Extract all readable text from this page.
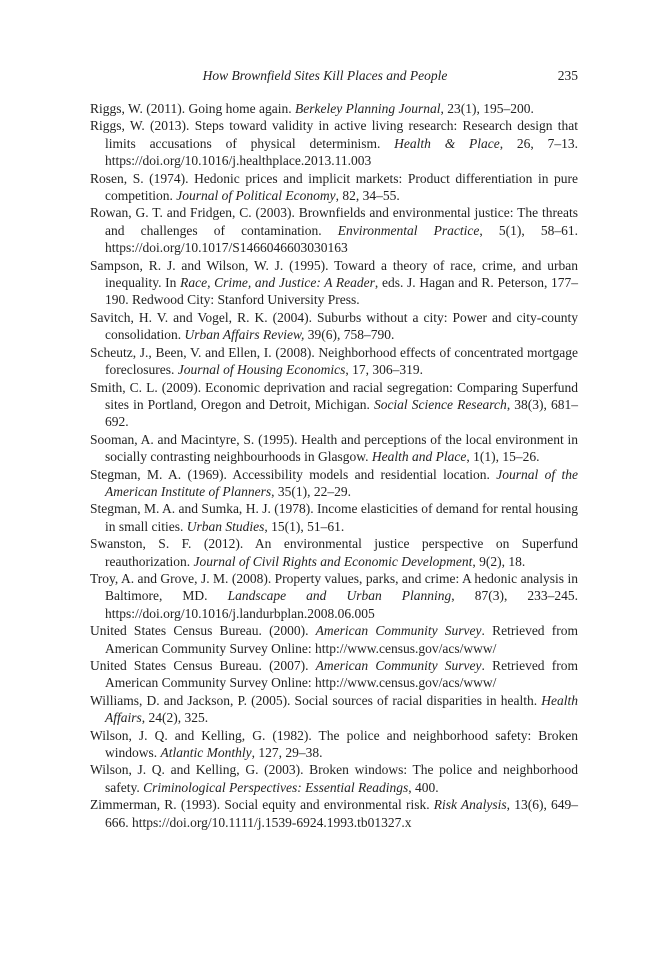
How Brownfield Sites Kill Places and People	235

Riggs, W. (2011). Going home again. Berkeley Planning Journal, 23(1), 195–200.

Riggs, W. (2013). Steps toward validity in active living research: Research design that limits accusations of physical determinism. Health & Place, 26, 7–13. https://doi.org/10.1016/j.healthplace.2013.11.003

Rosen, S. (1974). Hedonic prices and implicit markets: Product differentiation in pure competition. Journal of Political Economy, 82, 34–55.

Rowan, G. T. and Fridgen, C. (2003). Brownfields and environmental justice: The threats and challenges of contamination. Environmental Practice, 5(1), 58–61. https://doi.org/10.1017/S1466046603030163

Sampson, R. J. and Wilson, W. J. (1995). Toward a theory of race, crime, and urban inequality. In Race, Crime, and Justice: A Reader, eds. J. Hagan and R. Peterson, 177–190. Redwood City: Stanford University Press.

Savitch, H. V. and Vogel, R. K. (2004). Suburbs without a city: Power and city-county consolidation. Urban Affairs Review, 39(6), 758–790.

Scheutz, J., Been, V. and Ellen, I. (2008). Neighborhood effects of concentrated mortgage foreclosures. Journal of Housing Economics, 17, 306–319.

Smith, C. L. (2009). Economic deprivation and racial segregation: Comparing Superfund sites in Portland, Oregon and Detroit, Michigan. Social Science Research, 38(3), 681–692.

Sooman, A. and Macintyre, S. (1995). Health and perceptions of the local environment in socially contrasting neighbourhoods in Glasgow. Health and Place, 1(1), 15–26.

Stegman, M. A. (1969). Accessibility models and residential location. Journal of the American Institute of Planners, 35(1), 22–29.

Stegman, M. A. and Sumka, H. J. (1978). Income elasticities of demand for rental housing in small cities. Urban Studies, 15(1), 51–61.

Swanston, S. F. (2012). An environmental justice perspective on Superfund reauthorization. Journal of Civil Rights and Economic Development, 9(2), 18.

Troy, A. and Grove, J. M. (2008). Property values, parks, and crime: A hedonic analysis in Baltimore, MD. Landscape and Urban Planning, 87(3), 233–245. https://doi.org/10.1016/j.landurbplan.2008.06.005

United States Census Bureau. (2000). American Community Survey. Retrieved from American Community Survey Online: http://www.census.gov/acs/www/

United States Census Bureau. (2007). American Community Survey. Retrieved from American Community Survey Online: http://www.census.gov/acs/www/

Williams, D. and Jackson, P. (2005). Social sources of racial disparities in health. Health Affairs, 24(2), 325.

Wilson, J. Q. and Kelling, G. (1982). The police and neighborhood safety: Broken windows. Atlantic Monthly, 127, 29–38.

Wilson, J. Q. and Kelling, G. (2003). Broken windows: The police and neighborhood safety. Criminological Perspectives: Essential Readings, 400.

Zimmerman, R. (1993). Social equity and environmental risk. Risk Analysis, 13(6), 649–666. https://doi.org/10.1111/j.1539-6924.1993.tb01327.x
